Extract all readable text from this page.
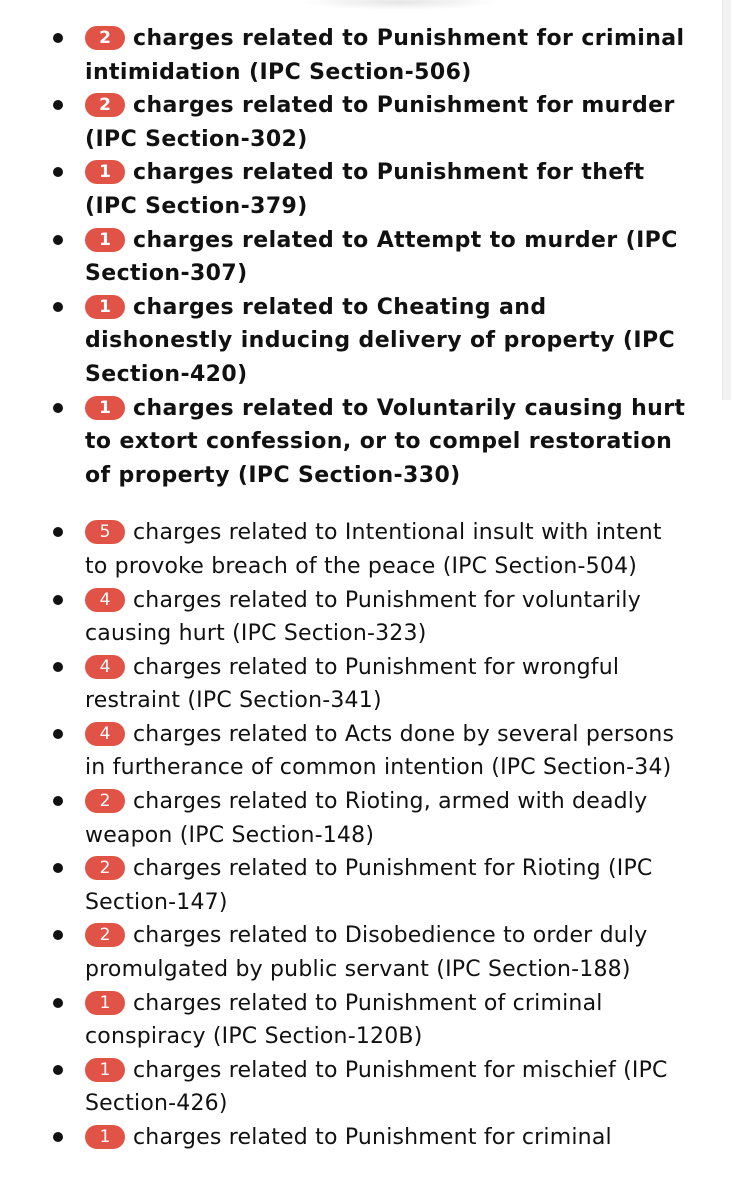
2 charges related to Punishment for criminal intimidation (IPC Section-506)
2 charges related to Punishment for murder (IPC Section-302)
1 charges related to Punishment for theft (IPC Section-379)
1 charges related to Attempt to murder (IPC Section-307)
1 charges related to Cheating and dishonestly inducing delivery of property (IPC Section-420)
1 charges related to Voluntarily causing hurt to extort confession, or to compel restoration of property (IPC Section-330)
5 charges related to Intentional insult with intent to provoke breach of the peace (IPC Section-504)
4 charges related to Punishment for voluntarily causing hurt (IPC Section-323)
4 charges related to Punishment for wrongful restraint (IPC Section-341)
4 charges related to Acts done by several persons in furtherance of common intention (IPC Section-34)
2 charges related to Rioting, armed with deadly weapon (IPC Section-148)
2 charges related to Punishment for Rioting (IPC Section-147)
2 charges related to Disobedience to order duly promulgated by public servant (IPC Section-188)
1 charges related to Punishment of criminal conspiracy (IPC Section-120B)
1 charges related to Punishment for mischief (IPC Section-426)
1 charges related to Punishment for criminal
